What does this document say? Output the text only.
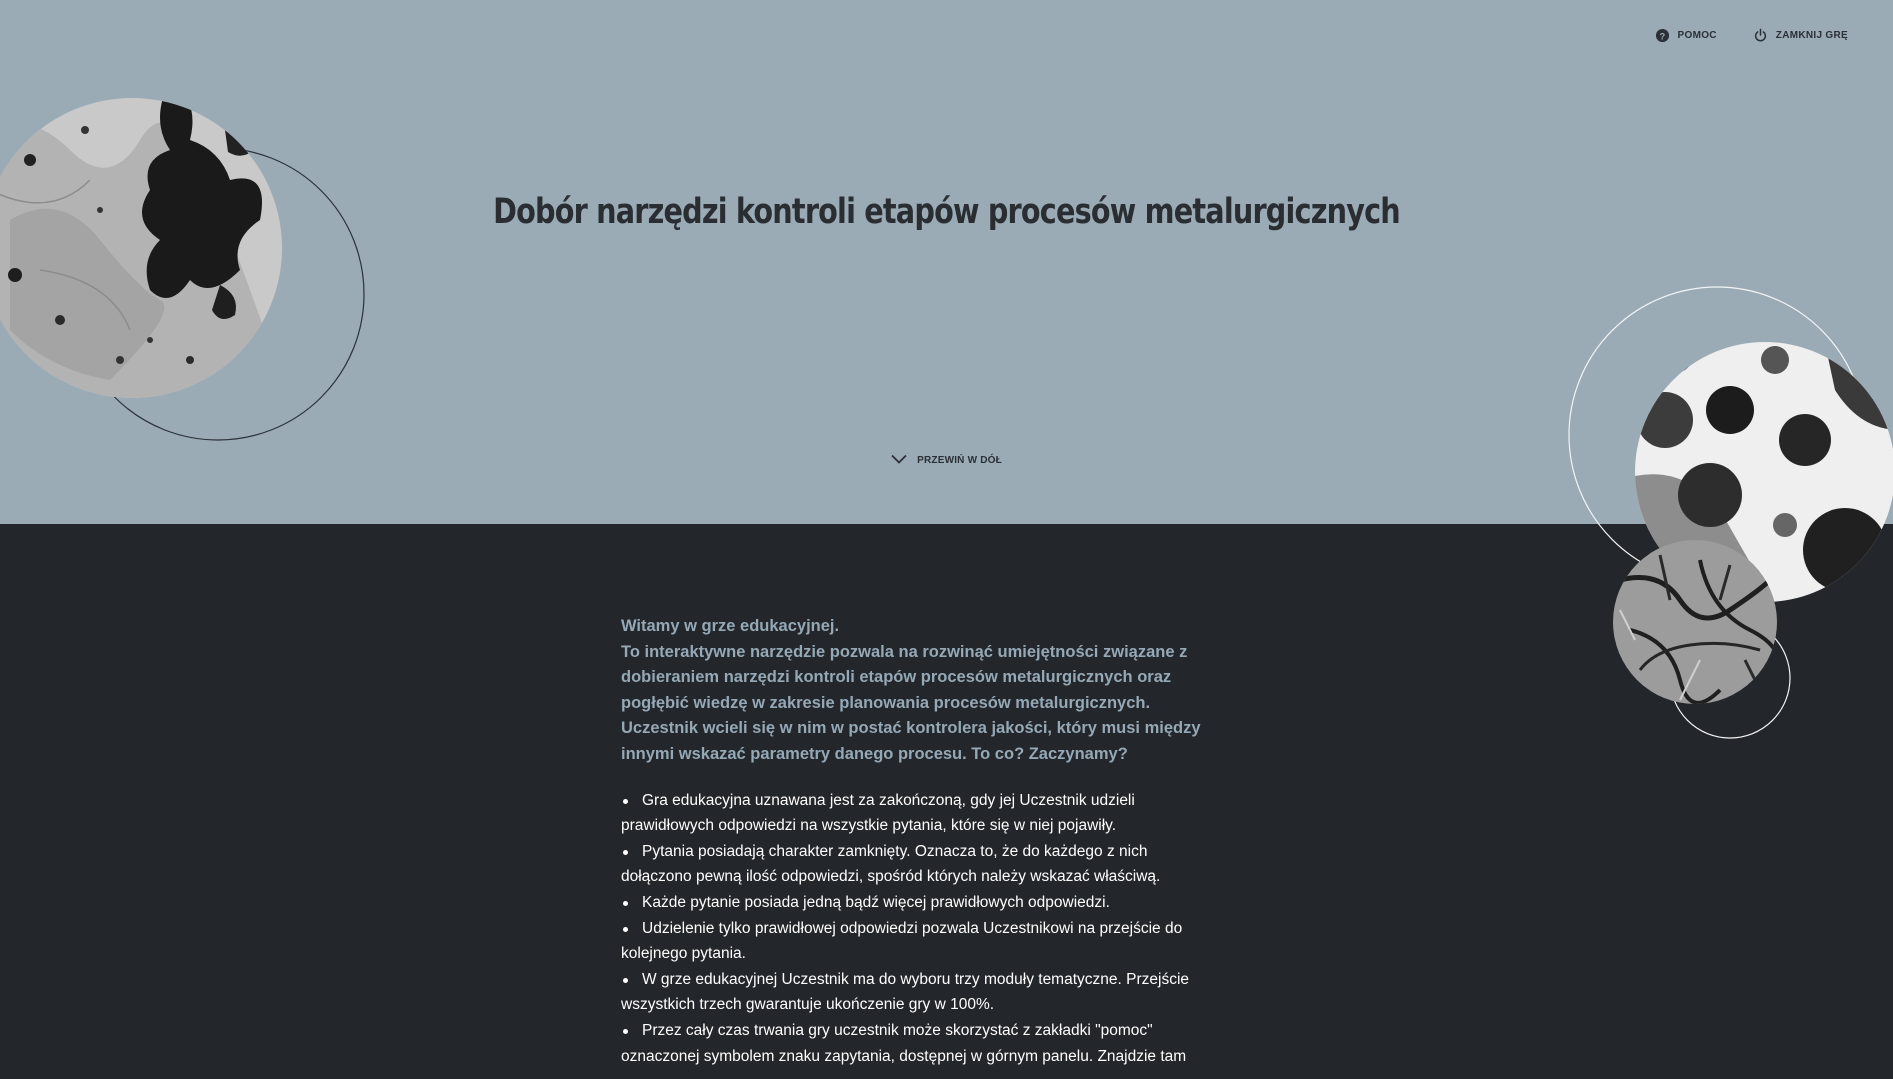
? POMOC	ZAMKNIJ GRĘ
Dobór narzędzi kontroli etapów procesów metalurgicznych
PRZEWIŃ W DÓŁ

Witamy w grze edukacyjnej.

To interaktywne narzędzie pozwala na rozwinąć umiejętności związane z dobieraniem narzędzi kontroli etapów procesów metalurgicznych oraz pogłębić wiedzę w zakresie planowania procesów metalurgicznych.

Uczestnik wcieli się w nim w postać kontrolera jakości, który musi między innymi wskazać parametry danego procesu. To co? Zaczynamy?

Gra edukacyjna uznawana jest za zakończoną, gdy jej Uczestnik udzieli prawidłowych odpowiedzi na wszystkie pytania, które się w niej pojawiły.
Pytania posiadają charakter zamknięty. Oznacza to, że do każdego z nich dołączono pewną ilość odpowiedzi, spośród których należy wskazać właściwą.
Każde pytanie posiada jedną bądź więcej prawidłowych odpowiedzi.
Udzielenie tylko prawidłowej odpowiedzi pozwala Uczestnikowi na przejście do kolejnego pytania.
W grze edukacyjnej Uczestnik ma do wyboru trzy moduły tematyczne. Przejście wszystkich trzech gwarantuje ukończenie gry w 100%.
Przez cały czas trwania gry uczestnik może skorzystać z zakładki "pomoc" oznaczonej symbolem znaku zapytania, dostępnej w górnym panelu. Znajdzie tam
